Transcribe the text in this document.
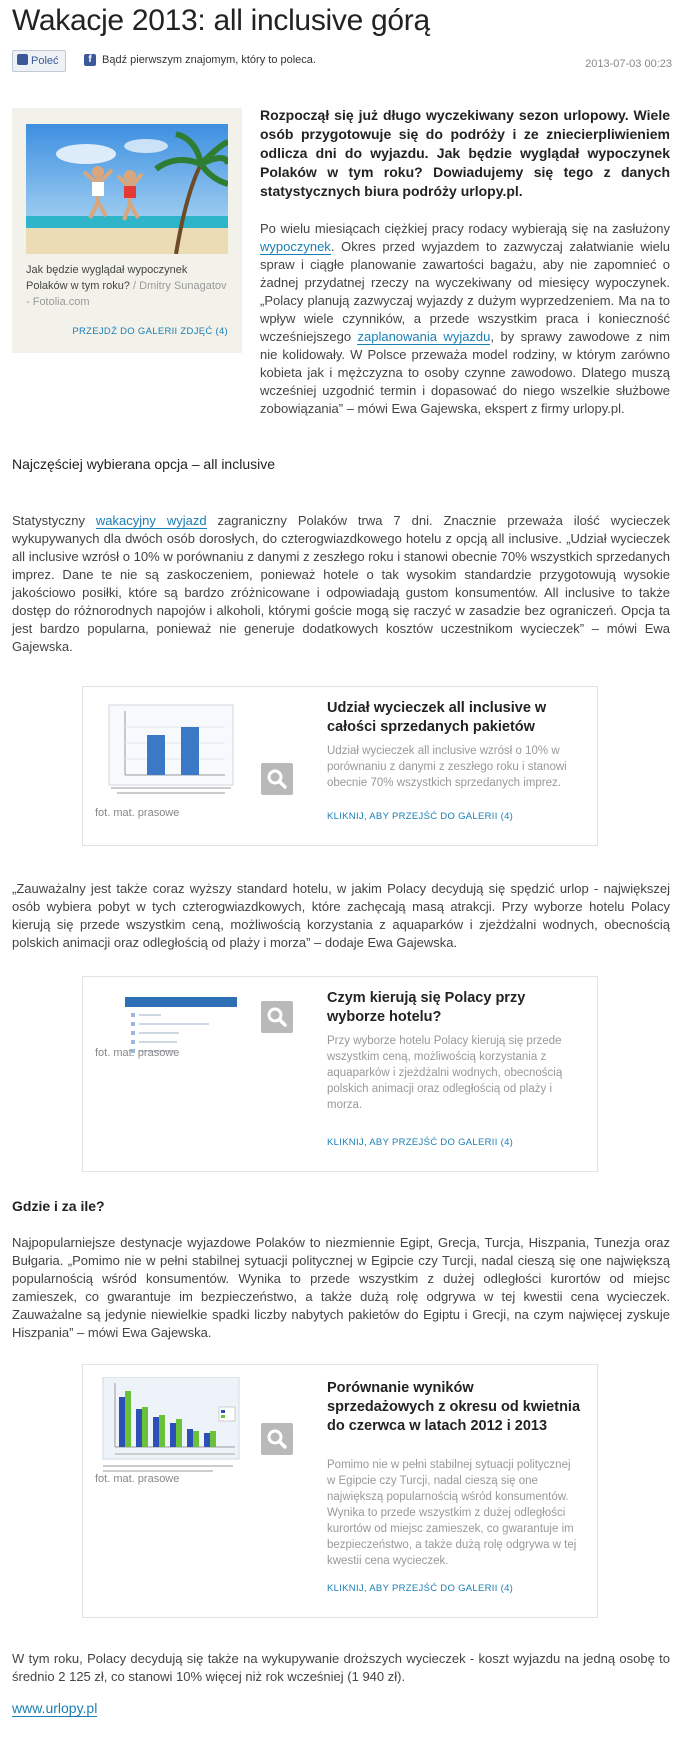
Wakacje 2013: all inclusive górą
Poleć	f Bądź pierwszym znajomym, który to poleca.	2013-07-03 00:23
Jak będzie wyglądał wypoczynek Polaków w tym roku? / Dmitry Sunagatov - Fotolia.com
PRZEJDŹ DO GALERII ZDJĘĆ (4)

Rozpoczął się już długo wyczekiwany sezon urlopowy. Wiele osób przygotowuje się do podróży i ze zniecierpliwieniem odlicza dni do wyjazdu. Jak będzie wyglądał wypoczynek Polaków w tym roku? Dowiadujemy się tego z danych statystycznych biura podróży urlopy.pl.

Po wielu miesiącach ciężkiej pracy rodacy wybierają się na zasłużony wypoczynek. Okres przed wyjazdem to zazwyczaj załatwianie wielu spraw i ciągłe planowanie zawartości bagażu, aby nie zapomnieć o żadnej przydatnej rzeczy na wyczekiwany od miesięcy wypoczynek. „Polacy planują zazwyczaj wyjazdy z dużym wyprzedzeniem. Ma na to wpływ wiele czynników, a przede wszystkim praca i konieczność wcześniejszego zaplanowania wyjazdu, by sprawy zawodowe z nim nie kolidowały. W Polsce przeważa model rodziny, w którym zarówno kobieta jak i mężczyzna to osoby czynne zawodowo. Dlatego muszą wcześniej uzgodnić termin i dopasować do niego wszelkie służbowe zobowiązania” – mówi Ewa Gajewska, ekspert z firmy urlopy.pl.

Najczęściej wybierana opcja – all inclusive

Statystyczny wakacyjny wyjazd zagraniczny Polaków trwa 7 dni. Znacznie przeważa ilość wycieczek wykupywanych dla dwóch osób dorosłych, do czterogwiazdkowego hotelu z opcją all inclusive. „Udział wycieczek all inclusive wzrósł o 10% w porównaniu z danymi z zeszłego roku i stanowi obecnie 70% wszystkich sprzedanych imprez. Dane te nie są zaskoczeniem, ponieważ hotele o tak wysokim standardzie przygotowują wysokie jakościowo posiłki, które są bardzo zróżnicowane i odpowiadają gustom konsumentów. All inclusive to także dostęp do różnorodnych napojów i alkoholi, którymi goście mogą się raczyć w zasadzie bez ograniczeń. Opcja ta jest bardzo popularna, ponieważ nie generuje dodatkowych kosztów uczestnikom wycieczek” – mówi Ewa Gajewska.

fot. mat. prasowe
Udział wycieczek all inclusive w całości sprzedanych pakietów

Udział wycieczek all inclusive wzrósł o 10% w porównaniu z danymi z zeszłego roku i stanowi obecnie 70% wszystkich sprzedanych imprez.

KLIKNIJ, ABY PRZEJŚĆ DO GALERII (4)

„Zauważalny jest także coraz wyższy standard hotelu, w jakim Polacy decydują się spędzić urlop - największej osób wybiera pobyt w tych czterogwiazdkowych, które zachęcają masą atrakcji. Przy wyborze hotelu Polacy kierują się przede wszystkim ceną, możliwością korzystania z aquaparków i zjeżdżalni wodnych, obecnością polskich animacji oraz odległością od plaży i morza” – dodaje Ewa Gajewska.

fot. mat. prasowe
Czym kierują się Polacy przy wyborze hotelu?

Przy wyborze hotelu Polacy kierują się przede wszystkim ceną, możliwością korzystania z aquaparków i zjeżdżalni wodnych, obecnością polskich animacji oraz odległością od plaży i morza.

KLIKNIJ, ABY PRZEJŚĆ DO GALERII (4)
Gdzie i za ile?

Najpopularniejsze destynacje wyjazdowe Polaków to niezmiennie Egipt, Grecja, Turcja, Hiszpania, Tunezja oraz Bułgaria. „Pomimo nie w pełni stabilnej sytuacji politycznej w Egipcie czy Turcji, nadal cieszą się one największą popularnością wśród konsumentów. Wynika to przede wszystkim z dużej odległości kurortów od miejsc zamieszek, co gwarantuje im bezpieczeństwo, a także dużą rolę odgrywa w tej kwestii cena wycieczek. Zauważalne są jedynie niewielkie spadki liczby nabytych pakietów do Egiptu i Grecji, na czym najwięcej zyskuje Hiszpania” – mówi Ewa Gajewska.

fot. mat. prasowe
Porównanie wyników sprzedażowych z okresu od kwietnia do czerwca w latach 2012 i 2013

Pomimo nie w pełni stabilnej sytuacji politycznej w Egipcie czy Turcji, nadal cieszą się one największą popularnością wśród konsumentów. Wynika to przede wszystkim z dużej odległości kurortów od miejsc zamieszek, co gwarantuje im bezpieczeństwo, a także dużą rolę odgrywa w tej kwestii cena wycieczek.

KLIKNIJ, ABY PRZEJŚĆ DO GALERII (4)

W tym roku, Polacy decydują się także na wykupywanie droższych wycieczek - koszt wyjazdu na jedną osobę to średnio 2 125 zł, co stanowi 10% więcej niż rok wcześniej (1 940 zł).

www.urlopy.pl
